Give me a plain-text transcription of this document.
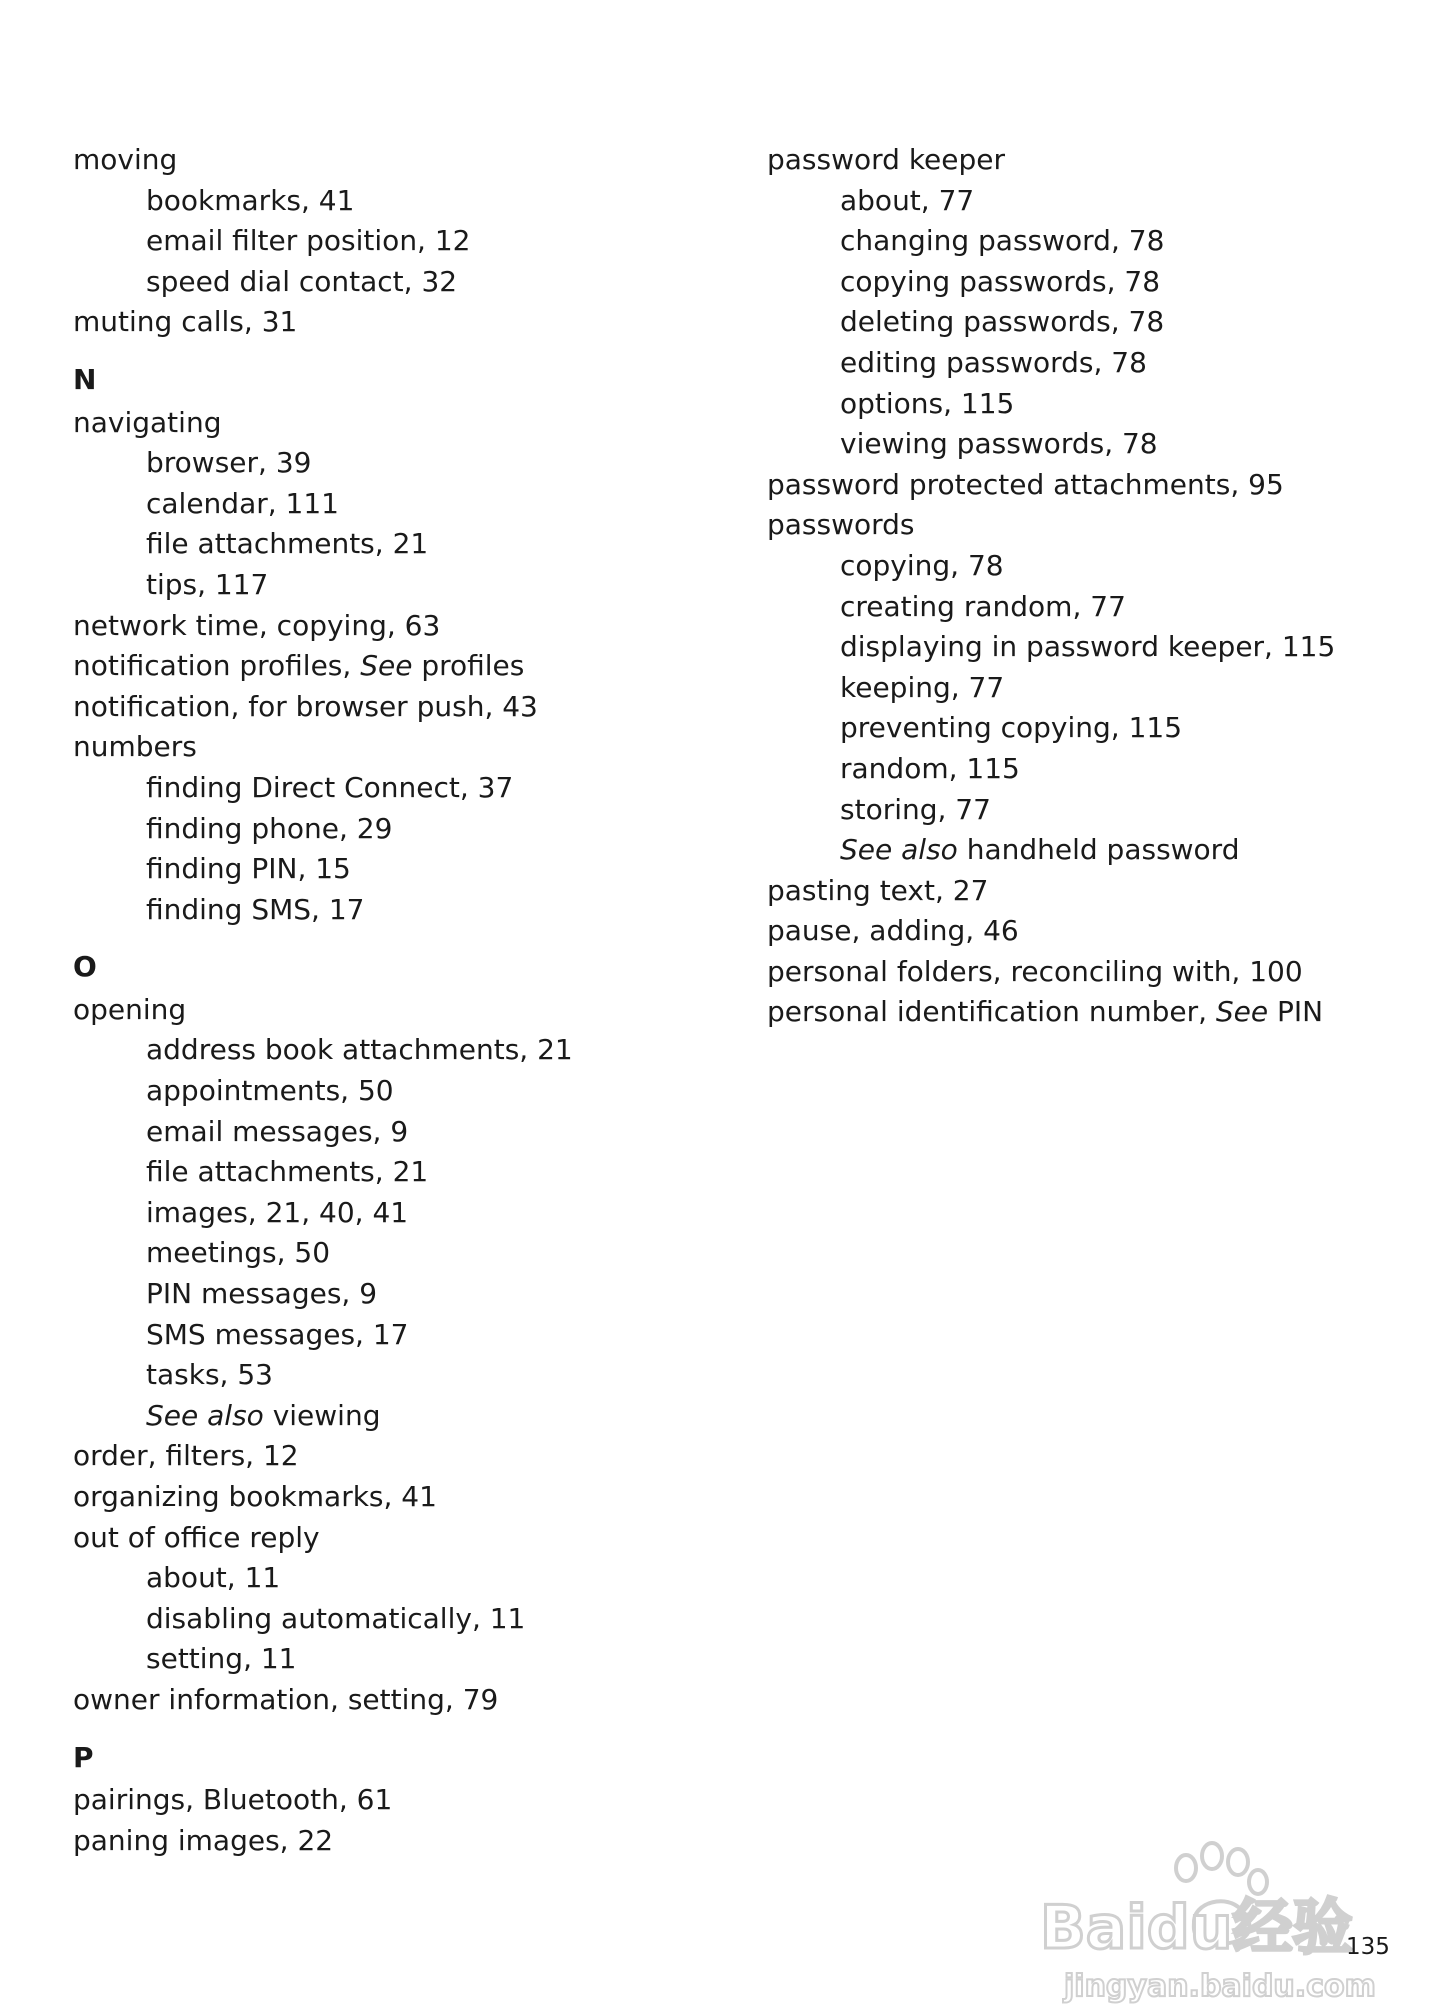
moving
bookmarks, 41
email filter position, 12
speed dial contact, 32
muting calls, 31
N
navigating
browser, 39
calendar, 111
file attachments, 21
tips, 117
network time, copying, 63
notification profiles, See profiles
notification, for browser push, 43
numbers
finding Direct Connect, 37
finding phone, 29
finding PIN, 15
finding SMS, 17
O
opening
address book attachments, 21
appointments, 50
email messages, 9
file attachments, 21
images, 21, 40, 41
meetings, 50
PIN messages, 9
SMS messages, 17
tasks, 53
See also viewing
order, filters, 12
organizing bookmarks, 41
out of office reply
about, 11
disabling automatically, 11
setting, 11
owner information, setting, 79
P
pairings, Bluetooth, 61
paning images, 22
password keeper
about, 77
changing password, 78
copying passwords, 78
deleting passwords, 78
editing passwords, 78
options, 115
viewing passwords, 78
password protected attachments, 95
passwords
copying, 78
creating random, 77
displaying in password keeper, 115
keeping, 77
preventing copying, 115
random, 115
storing, 77
See also handheld password
pasting text, 27
pause, adding, 46
personal folders, reconciling with, 100
personal identification number, See PIN
Baidu经验
jingyan.baidu.com
135
